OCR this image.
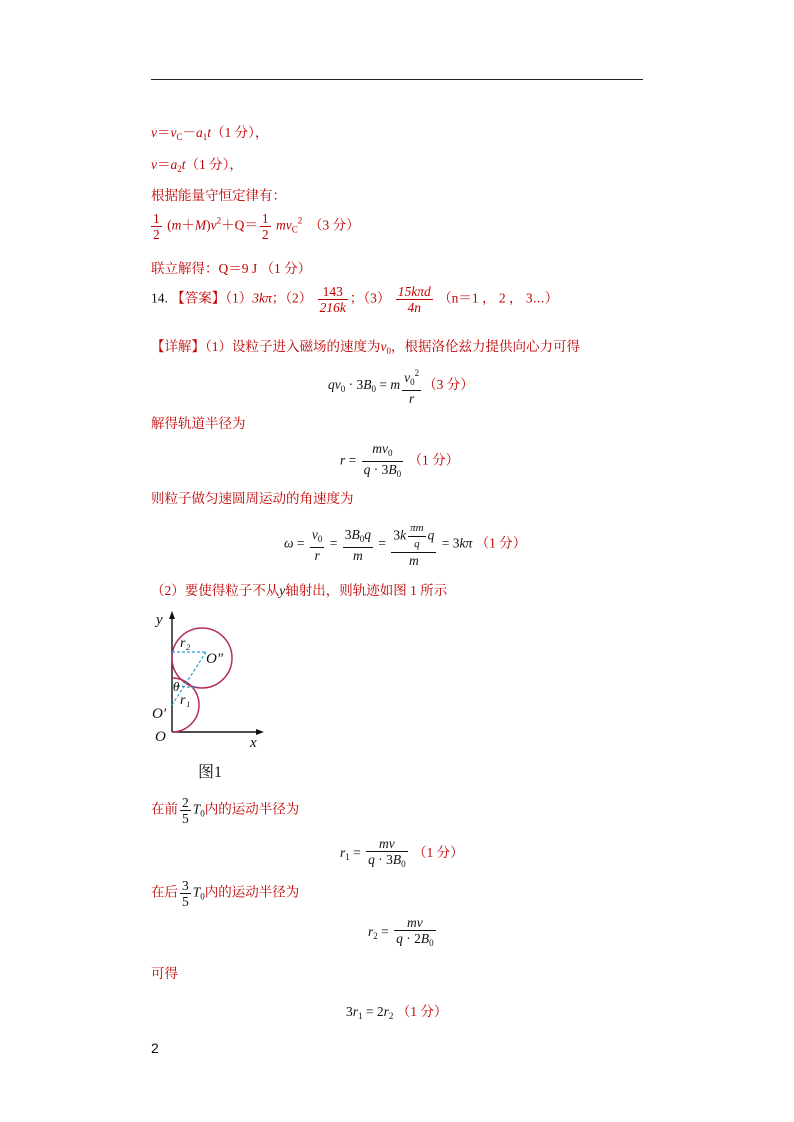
$v=v_C-a_1t(1$ 分），
$v=a_2t(1$ 分），
根据能量守恒定律有：
$\frac{1}{2} (m+M)v^2+Q= \frac{1}{2} mv_C^2$ （3 分）
联立解得：Q＝9 J （1 分）
14. 【答案】（1）3kπ；$(2) \frac{143}{216k}$ ；$(3) \frac{\text{15kπd}}{4n} (n=1$ ， 2 ， 3⋯）
【详解】（1）设粒子进入磁场的速度为$v_0$，根据洛伦兹力提供向心力可得
$qv_0 \cdot 3B_0 = m \frac{v_0^2}{r} (3$ 分）
解得轨道半径为
$r = \frac{mv_0}{q \cdot 3B_0} (1$ 分）
则粒子做匀速圆周运动的角速度为
$\omega = \frac{v_0}{r} = \frac{3B_0q}{m} = \frac{3k \frac{\pi m}{q} q}{m} = 3k\pi$ （1 分）
（2）要使得粒子不从y轴射出，则轨迹如图 1 所示
y
x
O
O′
O″
r₂
r₁
θ
图1
在前 $\frac{2}{5} T_0$内的运动半径为
$r_1 = \frac{mv}{q \cdot 3B_0} (1$ 分）
在后 $\frac{3}{5} T_0$内的运动半径为
$r_2 = \frac{mv}{q \cdot 2B_0}$
可得
$3r_1 = 2r_2$ （1 分）
2
